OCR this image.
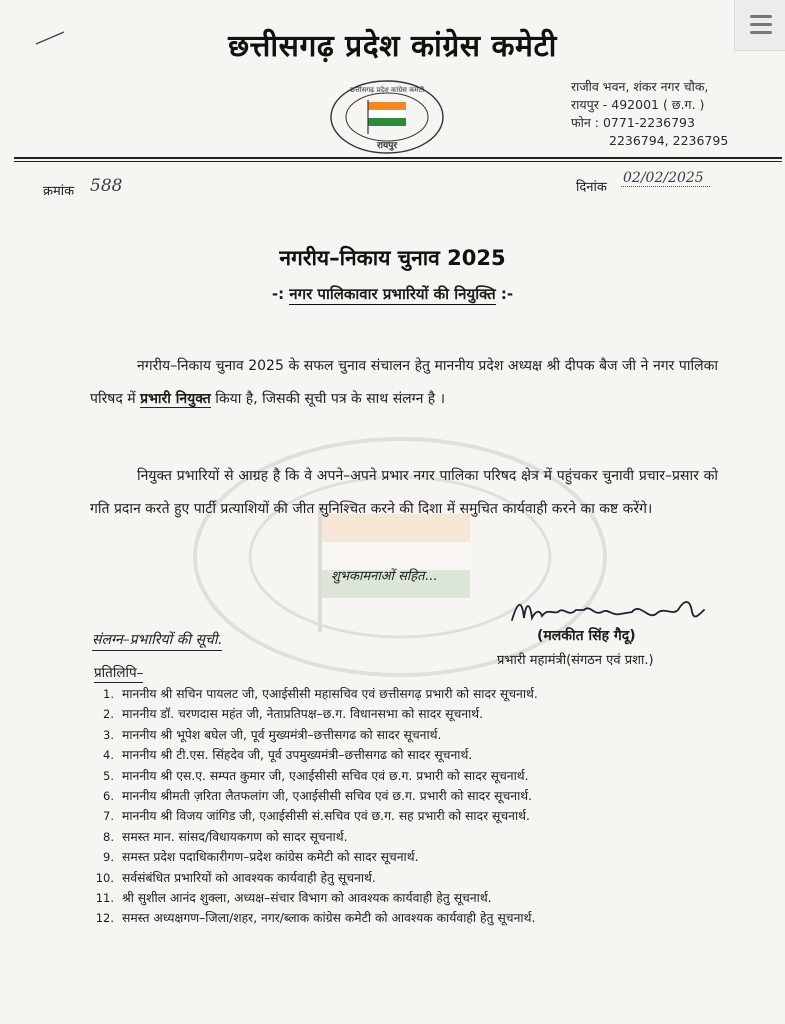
छत्तीसगढ़ प्रदेश कांग्रेस कमेटी
छत्तीसगढ़ प्रदेश कांग्रेस कमेटी
रायपुर
राजीव भवन, शंकर नगर चौक,
रायपुर - 492001 ( छ.ग. )
फोन : 0771-2236793
2236794, 2236795
क्रमांक 588	दिनांक
02/02/2025
नगरीय–निकाय चुनाव 2025
-: नगर पालिकावार प्रभारियों की नियुक्ति :-
नगरीय–निकाय चुनाव 2025 के सफल चुनाव संचालन हेतु माननीय प्रदेश अध्यक्ष श्री दीपक बैज जी ने नगर पालिका परिषद में प्रभारी नियुक्त किया है, जिसकी सूची पत्र के साथ संलग्न है ।
नियुक्त प्रभारियों से आग्रह है कि वे अपने–अपने प्रभार नगर पालिका परिषद क्षेत्र में पहुंचकर चुनावी प्रचार–प्रसार को गति प्रदान करते हुए पार्टी प्रत्याशियों की जीत सुनिश्चित करने की दिशा में समुचित कार्यवाही करने का कष्ट करेंगे।
शुभकामनाओं सहित...
(मलकीत सिंह गैदू)
प्रभारी महामंत्री(संगठन एवं प्रशा.)
संलग्न–प्रभारियों की सूची.
प्रतिलिपि–
1. माननीय श्री सचिन पायलट जी, एआईसीसी महासचिव एवं छत्तीसगढ़ प्रभारी को सादर सूचनार्थ.
2. माननीय डॉ. चरणदास महंत जी, नेताप्रतिपक्ष–छ.ग. विधानसभा को सादर सूचनार्थ.
3. माननीय श्री भूपेश बघेल जी, पूर्व मुख्यमंत्री–छत्तीसगढ को सादर सूचनार्थ.
4. माननीय श्री टी.एस. सिंहदेव जी, पूर्व उपमुख्यमंत्री–छत्तीसगढ को सादर सूचनार्थ.
5. माननीय श्री एस.ए. सम्पत कुमार जी, एआईसीसी सचिव एवं छ.ग. प्रभारी को सादर सूचनार्थ.
6. माननीय श्रीमती ज़रिता लैतफलांग जी, एआईसीसी सचिव एवं छ.ग. प्रभारी को सादर सूचनार्थ.
7. माननीय श्री विजय जांगिड जी, एआईसीसी सं.सचिव एवं छ.ग. सह प्रभारी को सादर सूचनार्थ.
8. समस्त मान. सांसद/विधायकगण को सादर सूचनार्थ.
9. समस्त प्रदेश पदाधिकारीगण–प्रदेश कांग्रेस कमेटी को सादर सूचनार्थ.
10. सर्वसंबंधित प्रभारियों को आवश्यक कार्यवाही हेतु सूचनार्थ.
11. श्री सुशील आनंद शुक्ला, अध्यक्ष–संचार विभाग को आवश्यक कार्यवाही हेतु सूचनार्थ.
12. समस्त अध्यक्षगण–जिला/शहर, नगर/ब्लाक कांग्रेस कमेटी को आवश्यक कार्यवाही हेतु सूचनार्थ.
